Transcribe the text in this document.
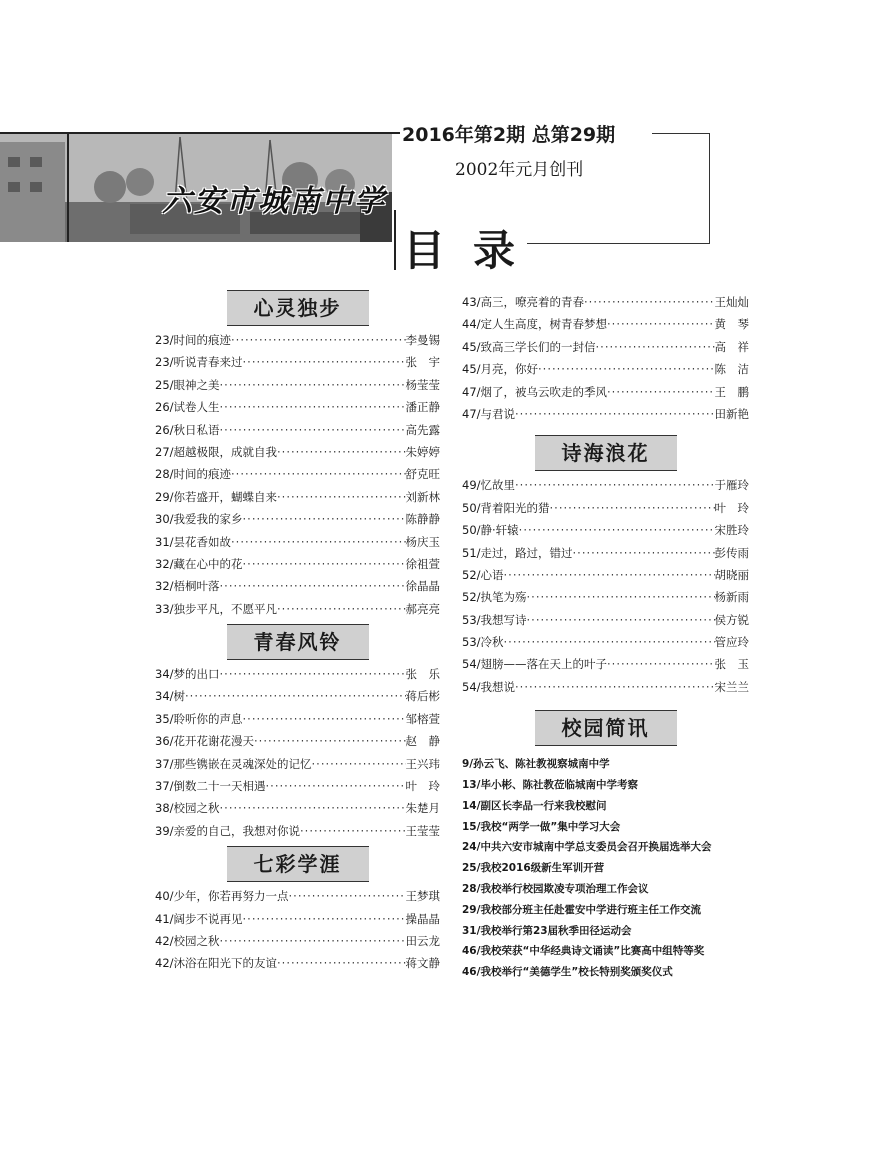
六安市城南中学
2016年第2期 总第29期
2002年元月创刊
目录
心灵独步
23/时间的痕迹 ·····	李曼锡
23/听说青春来过 ·····	张　宇
25/眼神之美 ·····	杨莹莹
26/试卷人生 ·····	潘正静
26/秋日私语 ·····	高先露
27/超越极限，成就自我 ·····	朱婷婷
28/时间的痕迹 ·····	舒克旺
29/你若盛开，蝴蝶自来 ·····	刘新林
30/我爱我的家乡 ·····	陈静静
31/昙花香如故 ·····	杨庆玉
32/藏在心中的花 ·····	徐祖萱
32/梧桐叶落 ·····	徐晶晶
33/独步平凡，不愿平凡 ·····	郝亮亮
青春风铃
34/梦的出口 ·····	张　乐
34/树 ·····	蒋后彬
35/聆听你的声息 ·····	邹榕萱
36/花开花谢花漫天 ·····	赵　静
37/那些镌嵌在灵魂深处的记忆 ·····	王兴玮
37/倒数二十一天相遇 ·····	叶　玲
38/校园之秋 ·····	朱楚月
39/亲爱的自己，我想对你说 ·····	王莹莹
七彩学涯
40/少年，你若再努力一点 ·····	王梦琪
41/阔步不说再见 ·····	操晶晶
42/校园之秋 ·····	田云龙
42/沐浴在阳光下的友谊 ·····	蒋文静
43/高三，嘹亮着的青春 ·····	王灿灿
44/定人生高度，树青春梦想 ·····	黄　琴
45/致高三学长们的一封信 ·····	高　祥
45/月亮，你好 ·····	陈　洁
47/烟了，被乌云吹走的季风 ·····	王　鹏
47/与君说 ·····	田新艳
诗海浪花
49/忆故里 ·····	于雁玲
50/背着阳光的猎 ·····	叶　玲
50/静·轩辕 ·····	宋胜玲
51/走过，路过，错过 ·····	彭传雨
52/心语 ·····	胡晓丽
52/执笔为殇 ·····	杨新雨
53/我想写诗 ·····	侯方锐
53/冷秋 ·····	管应玲
54/翅膀——落在天上的叶子 ·····	张　玉
54/我想说 ·····	宋兰兰
校园简讯
9/孙云飞、陈社教视察城南中学
13/毕小彬、陈社教莅临城南中学考察
14/副区长李品一行来我校慰问
15/我校“两学一做”集中学习大会
24/中共六安市城南中学总支委员会召开换届选举大会
25/我校2016级新生军训开营
28/我校举行校园欺凌专项治理工作会议
29/我校部分班主任赴霍安中学进行班主任工作交流
31/我校举行第23届秋季田径运动会
46/我校荣获“中华经典诗文诵读”比赛高中组特等奖
46/我校举行“美德学生”校长特别奖颁奖仪式
